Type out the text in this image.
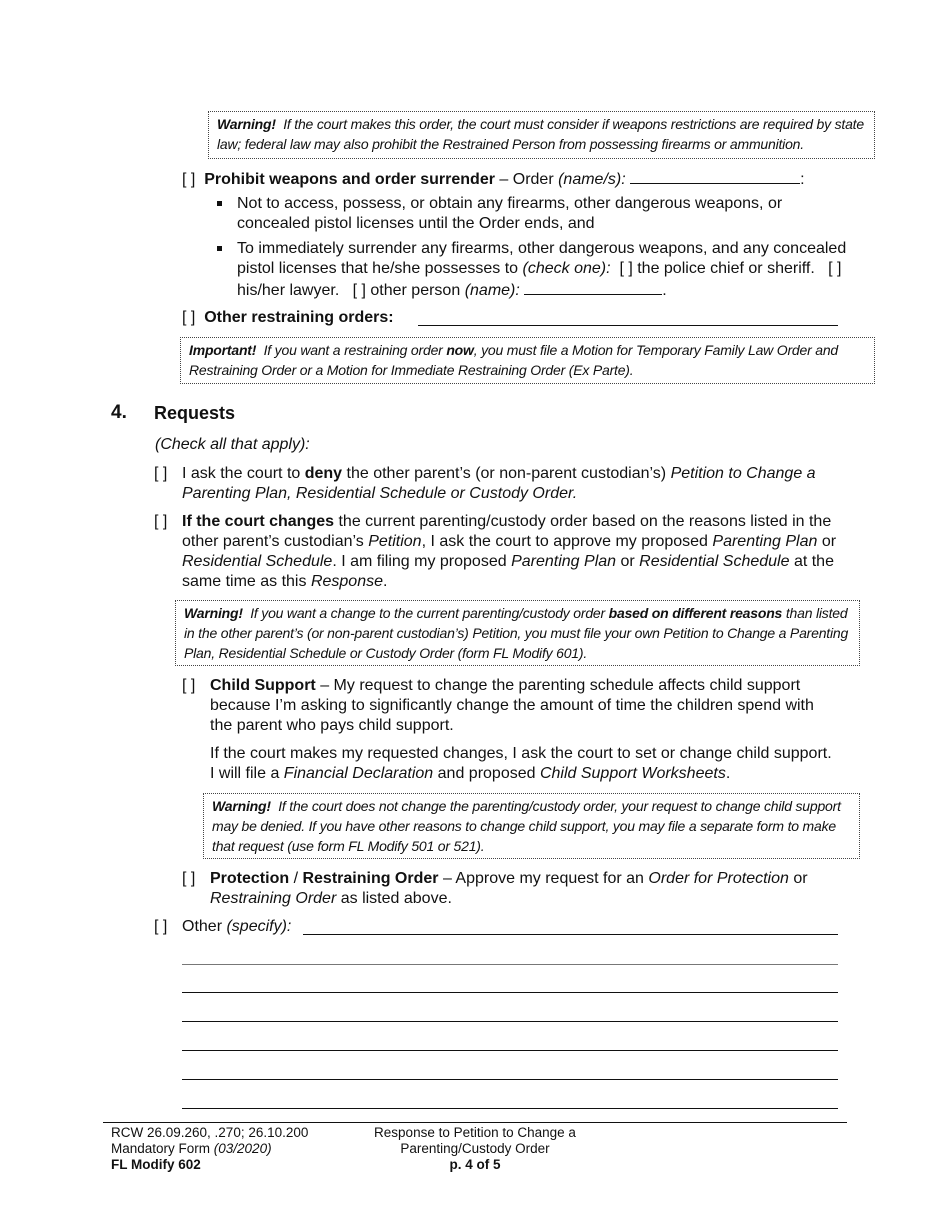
Warning! If the court makes this order, the court must consider if weapons restrictions are required by state law; federal law may also prohibit the Restrained Person from possessing firearms or ammunition.
[ ] Prohibit weapons and order surrender – Order (name/s):	:
Not to access, possess, or obtain any firearms, other dangerous weapons, or concealed pistol licenses until the Order ends, and
To immediately surrender any firearms, other dangerous weapons, and any concealed pistol licenses that he/she possesses to (check one): [ ] the police chief or sheriff. [ ] his/her lawyer. [ ] other person (name):	.
[ ] Other restraining orders:
Important! If you want a restraining order now, you must file a Motion for Temporary Family Law Order and Restraining Order or a Motion for Immediate Restraining Order (Ex Parte).
4. Requests
(Check all that apply):
[ ] I ask the court to deny the other parent’s (or non-parent custodian’s) Petition to Change a Parenting Plan, Residential Schedule or Custody Order.
[ ] If the court changes the current parenting/custody order based on the reasons listed in the other parent’s custodian’s Petition, I ask the court to approve my proposed Parenting Plan or Residential Schedule. I am filing my proposed Parenting Plan or Residential Schedule at the same time as this Response.
Warning! If you want a change to the current parenting/custody order based on different reasons than listed in the other parent’s (or non-parent custodian’s) Petition, you must file your own Petition to Change a Parenting Plan, Residential Schedule or Custody Order (form FL Modify 601).
[ ] Child Support – My request to change the parenting schedule affects child support because I’m asking to significantly change the amount of time the children spend with the parent who pays child support.
If the court makes my requested changes, I ask the court to set or change child support. I will file a Financial Declaration and proposed Child Support Worksheets.
Warning! If the court does not change the parenting/custody order, your request to change child support may be denied. If you have other reasons to change child support, you may file a separate form to make that request (use form FL Modify 501 or 521).
[ ] Protection / Restraining Order – Approve my request for an Order for Protection or Restraining Order as listed above.
[ ] Other (specify):
RCW 26.09.260, .270; 26.10.200
Mandatory Form (03/2020)
FL Modify 602
Response to Petition to Change a
Parenting/Custody Order
p. 4 of 5
